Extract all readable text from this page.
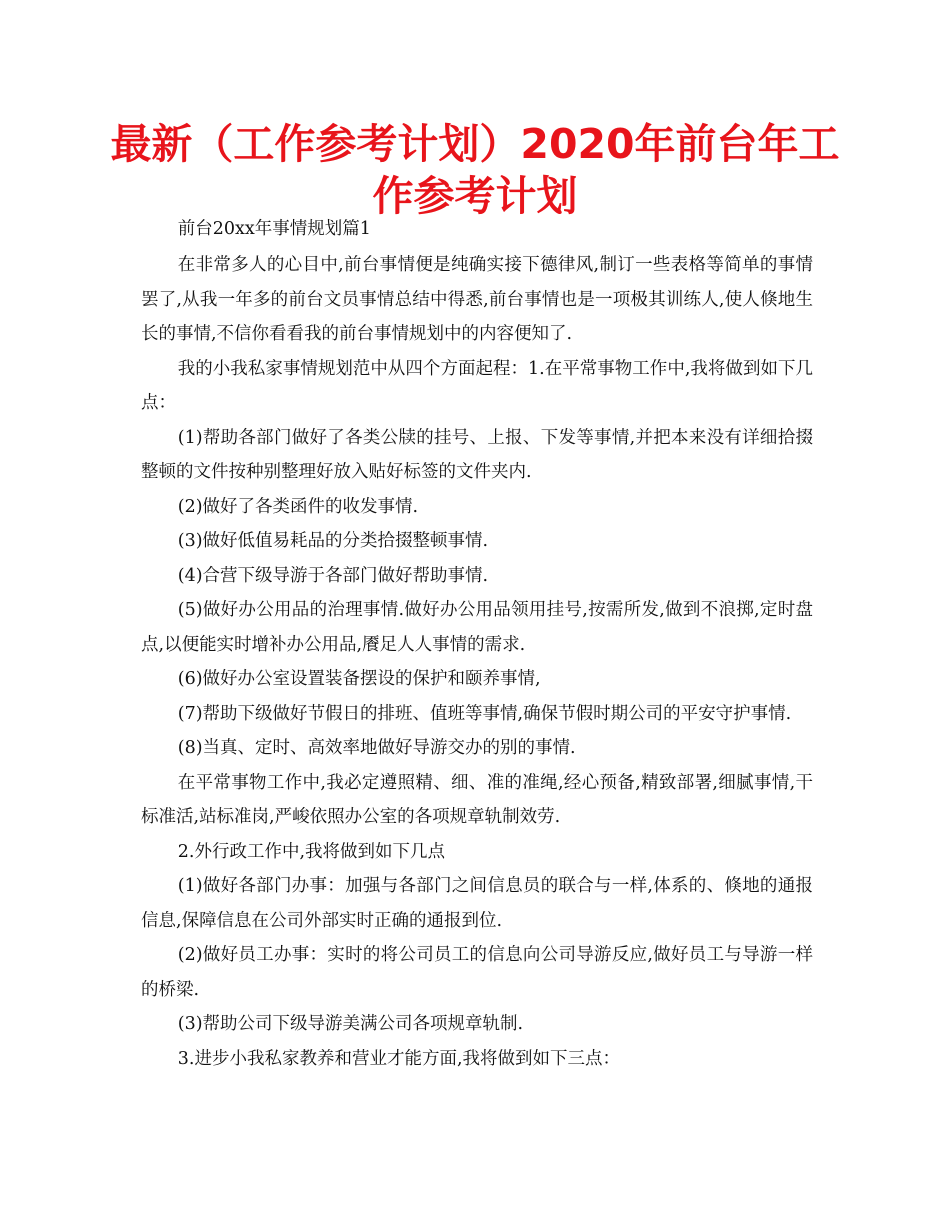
最新（工作参考计划）2020年前台年工作参考计划

前台20xx年事情规划篇1

在非常多人的心目中,前台事情便是纯确实接下德律风,制订一些表格等简单的事情罢了,从我一年多的前台文员事情总结中得悉,前台事情也是一项极其训练人,使人倏地生长的事情,不信你看看我的前台事情规划中的内容便知了.

我的小我私家事情规划范中从四个方面起程：1.在平常事物工作中,我将做到如下几点：

(1)帮助各部门做好了各类公牍的挂号、上报、下发等事情,并把本来没有详细拾掇整顿的文件按种别整理好放入贴好标签的文件夹内.

(2)做好了各类函件的收发事情.

(3)做好低值易耗品的分类拾掇整顿事情.

(4)合营下级导游于各部门做好帮助事情.

(5)做好办公用品的治理事情.做好办公用品领用挂号,按需所发,做到不浪掷,定时盘点,以便能实时增补办公用品,餍足人人事情的需求.

(6)做好办公室设置装备摆设的保护和颐养事情,

(7)帮助下级做好节假日的排班、值班等事情,确保节假时期公司的平安守护事情.

(8)当真、定时、高效率地做好导游交办的别的事情.

在平常事物工作中,我必定遵照精、细、准的准绳,经心预备,精致部署,细腻事情,干标准活,站标准岗,严峻依照办公室的各项规章轨制效劳.

2.外行政工作中,我将做到如下几点

(1)做好各部门办事：加强与各部门之间信息员的联合与一样,体系的、倏地的通报信息,保障信息在公司外部实时正确的通报到位.

(2)做好员工办事：实时的将公司员工的信息向公司导游反应,做好员工与导游一样的桥梁.

(3)帮助公司下级导游美满公司各项规章轨制.

3.进步小我私家教养和营业才能方面,我将做到如下三点：
